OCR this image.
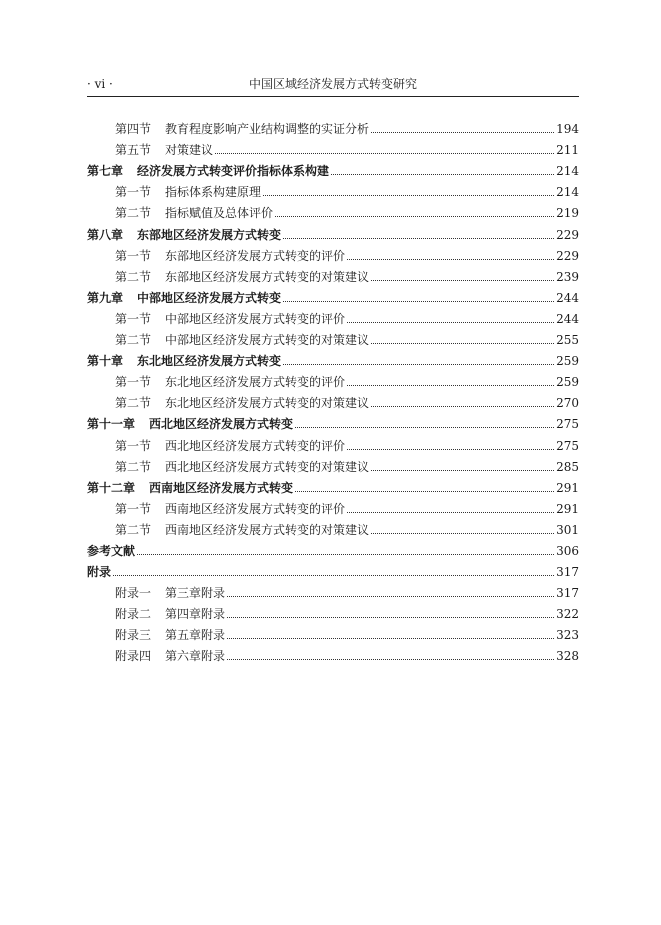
· vi ·	中国区域经济发展方式转变研究
第四节 教育程度影响产业结构调整的实证分析	194
第五节 对策建议	211
第七章 经济发展方式转变评价指标体系构建	214
第一节 指标体系构建原理	214
第二节 指标赋值及总体评价	219
第八章 东部地区经济发展方式转变	229
第一节 东部地区经济发展方式转变的评价	229
第二节 东部地区经济发展方式转变的对策建议	239
第九章 中部地区经济发展方式转变	244
第一节 中部地区经济发展方式转变的评价	244
第二节 中部地区经济发展方式转变的对策建议	255
第十章 东北地区经济发展方式转变	259
第一节 东北地区经济发展方式转变的评价	259
第二节 东北地区经济发展方式转变的对策建议	270
第十一章 西北地区经济发展方式转变	275
第一节 西北地区经济发展方式转变的评价	275
第二节 西北地区经济发展方式转变的对策建议	285
第十二章 西南地区经济发展方式转变	291
第一节 西南地区经济发展方式转变的评价	291
第二节 西南地区经济发展方式转变的对策建议	301
参考文献	306
附录	317
附录一 第三章附录	317
附录二 第四章附录	322
附录三 第五章附录	323
附录四 第六章附录	328
